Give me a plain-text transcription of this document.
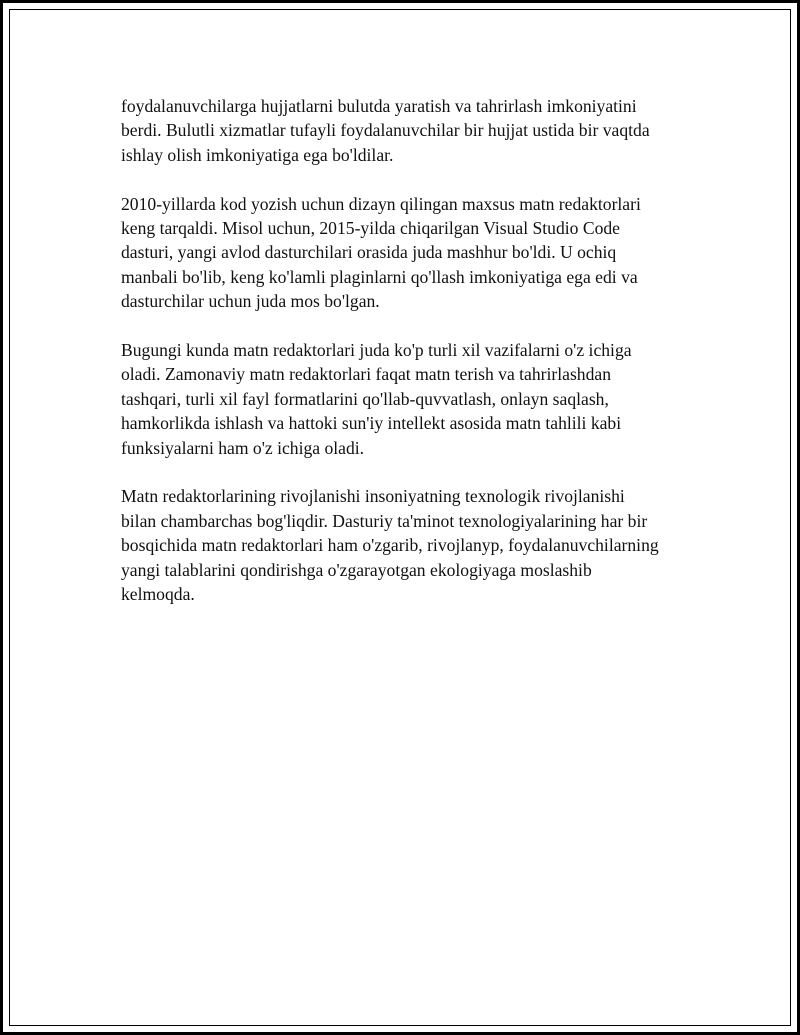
foydalanuvchilarga hujjatlarni bulutda yaratish va tahrirlash imkoniyatini
berdi. Bulutli xizmatlar tufayli foydalanuvchilar bir hujjat ustida bir vaqtda
ishlay olish imkoniyatiga ega bo'ldilar.

2010-yillarda kod yozish uchun dizayn qilingan maxsus matn redaktorlari
keng tarqaldi. Misol uchun, 2015-yilda chiqarilgan Visual Studio Code
dasturi, yangi avlod dasturchilari orasida juda mashhur bo'ldi. U ochiq
manbali bo'lib, keng ko'lamli plaginlarni qo'llash imkoniyatiga ega edi va
dasturchilar uchun juda mos bo'lgan.

Bugungi kunda matn redaktorlari juda ko'p turli xil vazifalarni o'z ichiga
oladi. Zamonaviy matn redaktorlari faqat matn terish va tahrirlashdan
tashqari, turli xil fayl formatlarini qo'llab-quvvatlash, onlayn saqlash,
hamkorlikda ishlash va hattoki sun'iy intellekt asosida matn tahlili kabi
funksiyalarni ham o'z ichiga oladi.

Matn redaktorlarining rivojlanishi insoniyatning texnologik rivojlanishi
bilan chambarchas bog'liqdir. Dasturiy ta'minot texnologiyalarining har bir
bosqichida matn redaktorlari ham o'zgarib, rivojlanyp, foydalanuvchilarning
yangi talablarini qondirishga o'zgarayotgan ekologiyaga moslashib
kelmoqda.
